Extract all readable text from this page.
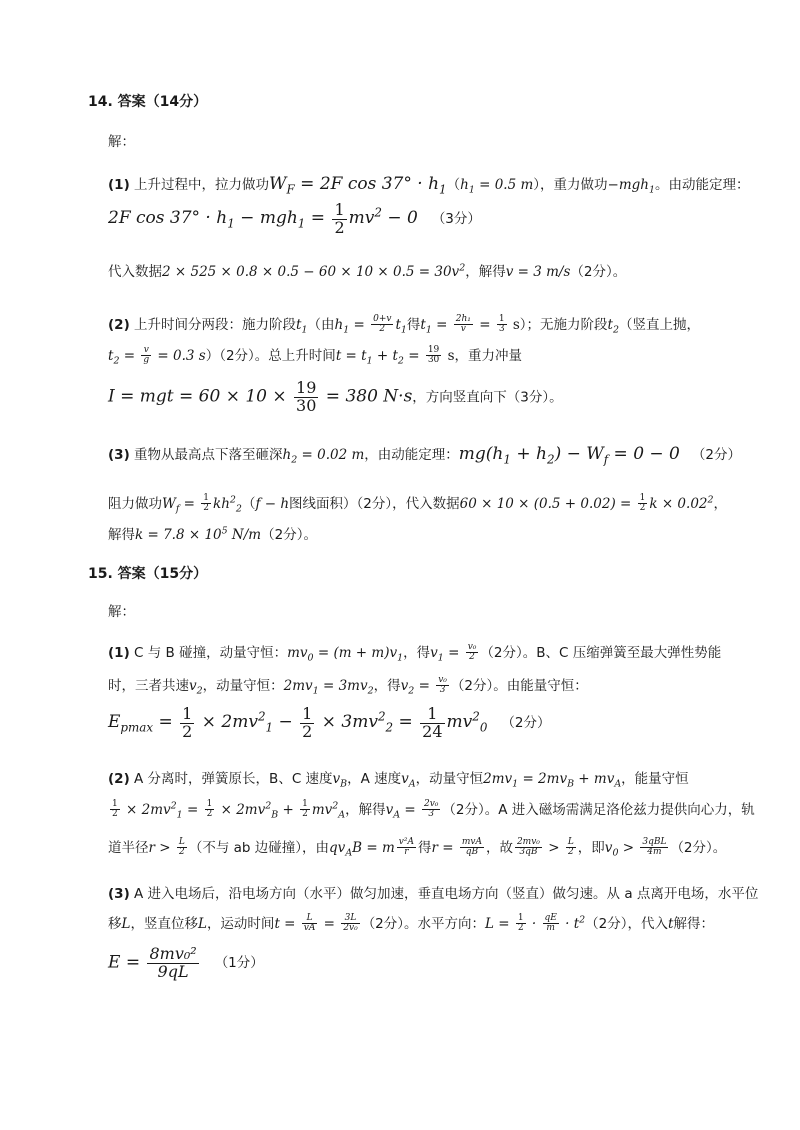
14. 答案（14分）
解：
(1) 上升过程中，拉力做功$W_F = 2F$ $\cos 37^\circ \cdot h_1(h_1 = 0.5$ m），重力做功−mgh$_1$。由动能定理：
2F $\cos 37^\circ \cdot h_1 - mgh_1 = \frac{1}{2} mv^2 - 0$ （3分）
代入数据$2 \times 525 \times 0.8 \times 0.5 - 60 \times 10 \times 0.5 = 30v^2$，解得v = 3 m/s（2分）。
(2) 上升时间分两段：施力阶段$t_1$（由$h_1 = \frac{0+v}{2} t_1$得$t_1 = \frac{\text{2h₁}}{v} = \frac{1}{3} s$）；无施力阶段$t_2$（竖直上抛，
$t_2 = \frac{v}{g} = 0.3$ s）（2分）。总上升时间$t = t_1 + t_2 = \frac{19}{30}$ s，重力冲量
I = mgt = $60 \times 10 \times \frac{19}{30} = 380$ N·s，方向竖直向下（3分）。
(3) 重物从最高点下落至砸深$h_2 = 0.02$ m，由动能定理：$mg(h_1 + h_2) - W_f = 0 - 0$ （2分）
阻力做功$W_f = \frac{1}{2} kh^2_2(f - h$图线面积）（2分），代入数据$60 \times 10 \times (0.5 + 0.02) = \frac{1}{2}$ $k \times 0.02^2$，
解得$k = 7.8 \times 10^5$ N/m（2分）。
15. 答案（15分）
解：
(1) C 与 B 碰撞，动量守恒：$mv_0 = (m + m)v_1$，得$v_1 = \frac{\text{v₀}}{2} (2$分）。B、C 压缩弹簧至最大弹性势能
时，三者共速$v_2$，动量守恒：$2mv_1 = 3mv_2$，得$v_2 = \frac{\text{v₀}}{3} (2$分）。由能量守恒：
$E_{pmax} = \frac{1}{2} \times 2mv^2_1 - \frac{1}{2} \times 3mv^2_2 = \frac{1}{24} mv^2_0$ （2分）
(2) A 分离时，弹簧原长，B、C 速度$v_B$，A 速度$v_A$，动量守恒$2mv_1 = 2mv_B + mv_A$，能量守恒
$\frac{1}{2} \times 2mv^2_1 = \frac{1}{2} \times 2mv^2_B + \frac{1}{2} mv^2_A$，解得$v_A = \frac{\text{2v₀}}{3} (2$分）。A 进入磁场需满足洛伦兹力提供向心力，轨
道半径$r > \frac{L}{2}$ （不与 ab 边碰撞），由$qv_AB = m \frac{\text{v²A}}{r}$ 得$r = \frac{\text{mvA}}{qB}$ ，故 $\frac{\text{2mv₀}}{3qB} > \frac{L}{2}$ ，即$v_0 > \frac{\text{3qBL}}{4m} (2$分）。
(3) A 进入电场后，沿电场方向（水平）做匀加速，垂直电场方向（竖直）做匀速。从 a 点离开电场，水平位
移L，竖直位移L，运动时间$t = \frac{L}{vA} = \frac{3L}{\text{2v₀}} (2$分）。水平方向：$L = \frac{1}{2} \cdot \frac{qE}{m} \cdot t^2(2$分），代入t解得：
$E = \frac{\text{8mv₀²}}{9qL} (1$分）
